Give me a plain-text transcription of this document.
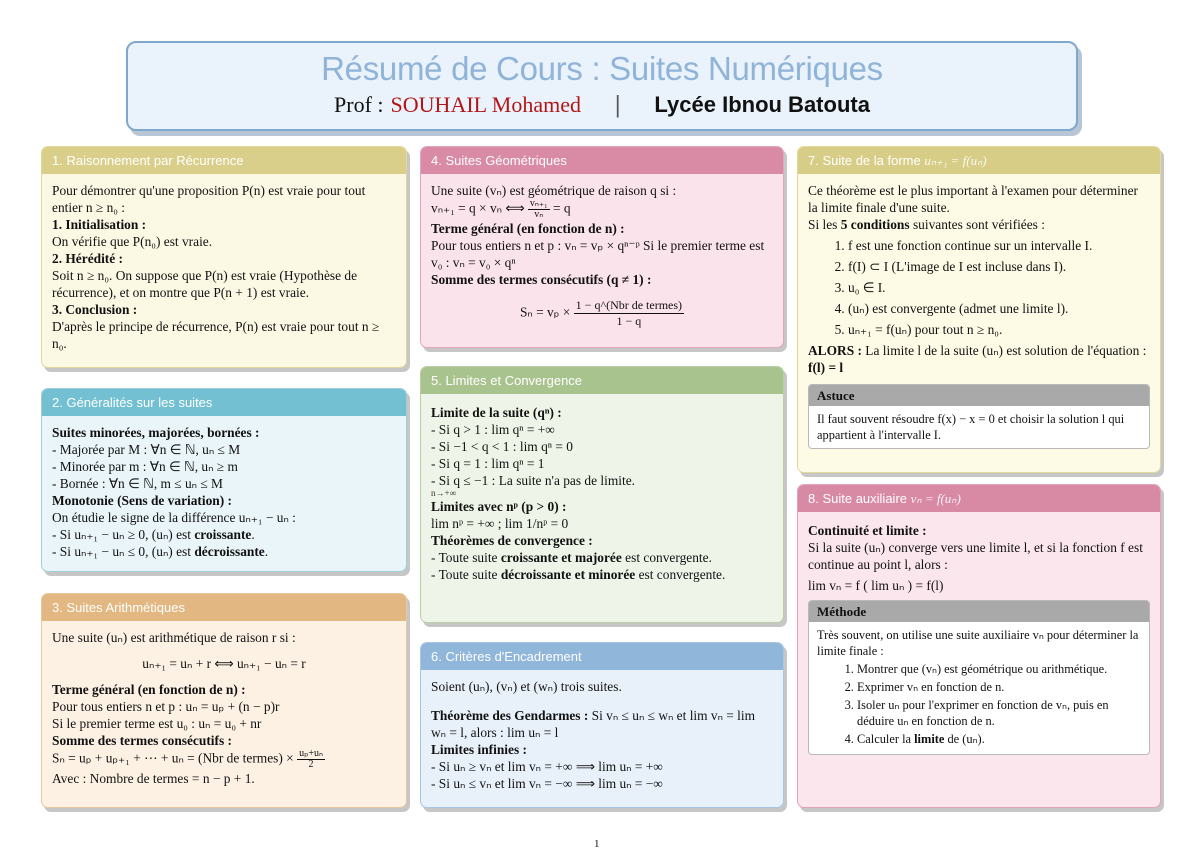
Résumé de Cours : Suites Numériques
Prof : SOUHAIL Mohamed | Lycée Ibnou Batouta
1. Raisonnement par Récurrence

Pour démontrer qu'une proposition P(n) est vraie pour tout entier n ≥ n₀ :

1. Initialisation :

On vérifie que P(n₀) est vraie.

2. Hérédité :

Soit n ≥ n₀. On suppose que P(n) est vraie (Hypothèse de récurrence), et on montre que P(n + 1) est vraie.

3. Conclusion :

D'après le principe de récurrence, P(n) est vraie pour tout n ≥ n₀.

2. Généralités sur les suites

Suites minorées, majorées, bornées :

- Majorée par M : ∀n ∈ ℕ, uₙ ≤ M

- Minorée par m : ∀n ∈ ℕ, uₙ ≥ m

- Bornée : ∀n ∈ ℕ, m ≤ uₙ ≤ M

Monotonie (Sens de variation) :

On étudie le signe de la différence uₙ₊₁ − uₙ :

- Si uₙ₊₁ − uₙ ≥ 0, (uₙ) est croissante.

- Si uₙ₊₁ − uₙ ≤ 0, (uₙ) est décroissante.

3. Suites Arithmétiques

Une suite (uₙ) est arithmétique de raison r si :

uₙ₊₁ = uₙ + r ⟺ uₙ₊₁ − uₙ = r

Terme général (en fonction de n) :

Pour tous entiers n et p : uₙ = uₚ + (n − p)r

Si le premier terme est u₀ : uₙ = u₀ + nr

Somme des termes consécutifs :

Sₙ = uₚ + uₚ₊₁ + ⋯ + uₙ = (Nbr de termes) × $\frac{\text{uₚ+uₙ}}{2}$

Avec : Nombre de termes = n − p + 1.

4. Suites Géométriques

Une suite (vₙ) est géométrique de raison q si :

vₙ₊₁ = q × vₙ ⟺ $\frac{\text{vₙ₊₁}}{\text{vₙ}} = q$

Terme général (en fonction de n) :

Pour tous entiers n et p : vₙ = vₚ × qⁿ⁻ᵖ Si le premier terme est v₀ : vₙ = v₀ × qⁿ

Somme des termes consécutifs (q ≠ 1) :

$S_n = v_p \times \frac{\text{1 − q\textasciicircum{}(Nbr de termes)}}{1 - q}$

5. Limites et Convergence

Limite de la suite (qⁿ) :

- Si q > 1 : lim qⁿ = +∞

- Si −1 < q < 1 : lim qⁿ = 0

- Si q = 1 : lim qⁿ = 1

- Si q ≤ −1 : La suite n'a pas de limite.

n→+∞

Limites avec nᵖ (p > 0) :

lim nᵖ = +∞ ; lim 1/nᵖ = 0

Théorèmes de convergence :

- Toute suite croissante et majorée est convergente.

- Toute suite décroissante et minorée est convergente.

6. Critères d'Encadrement

Soient (uₙ), (vₙ) et (wₙ) trois suites.

Théorème des Gendarmes : Si vₙ ≤ uₙ ≤ wₙ et lim vₙ = lim wₙ = l, alors : lim uₙ = l

Limites infinies :

- Si uₙ ≥ vₙ et lim vₙ = +∞ ⟹ lim uₙ = +∞

- Si uₙ ≤ vₙ et lim vₙ = −∞ ⟹ lim uₙ = −∞

7. Suite de la forme uₙ₊₁ = f(uₙ)

Ce théorème est le plus important à l'examen pour déterminer la limite finale d'une suite.

Si les 5 conditions suivantes sont vérifiées :

1. f est une fonction continue sur un intervalle I.
2. f(I) ⊂ I (L'image de I est incluse dans I).
3. u₀ ∈ I.
4. (uₙ) est convergente (admet une limite l).
5. uₙ₊₁ = f(uₙ) pour tout n ≥ n₀.

ALORS : La limite l de la suite (uₙ) est solution de l'équation : f(l) = l

Astuce
Il faut souvent résoudre f(x) − x = 0 et choisir la solution l qui appartient à l'intervalle I.
8. Suite auxiliaire vₙ = f(uₙ)

Continuité et limite :

Si la suite (uₙ) converge vers une limite l, et si la fonction f est continue au point l, alors :

lim vₙ = f ( lim uₙ ) = f(l)

Méthode

Très souvent, on utilise une suite auxiliaire vₙ pour déterminer la limite finale :

1. Montrer que (vₙ) est géométrique ou arithmétique.
2. Exprimer vₙ en fonction de n.
3. Isoler uₙ pour l'exprimer en fonction de vₙ, puis en déduire uₙ en fonction de n.
4. Calculer la limite de (uₙ).
1
